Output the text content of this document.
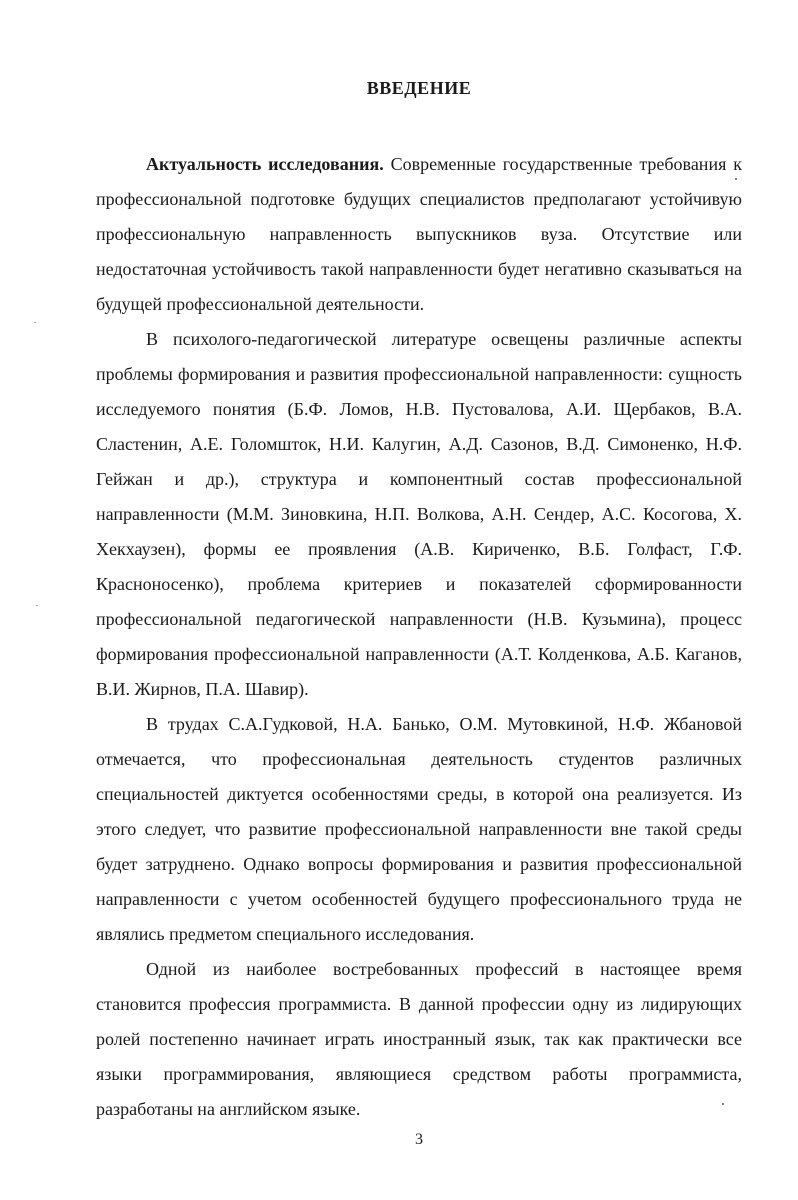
ВВЕДЕНИЕ

Актуальность исследования. Современные государственные требования к профессиональной подготовке будущих специалистов предполагают устойчивую профессиональную направленность выпускников вуза. Отсутствие или недостаточная устойчивость такой направленности будет негативно сказываться на будущей профессиональной деятельности.

В психолого-педагогической литературе освещены различные аспекты проблемы формирования и развития профессиональной направленности: сущность исследуемого понятия (Б.Ф. Ломов, Н.В. Пустовалова, А.И. Щербаков, В.А. Сластенин, А.Е. Голомшток, Н.И. Калугин, А.Д. Сазонов, В.Д. Симоненко, Н.Ф. Гейжан и др.), структура и компонентный состав профессиональной направленности (М.М. Зиновкина, Н.П. Волкова, А.Н. Сендер, А.С. Косогова, Х. Хекхаузен), формы ее проявления (А.В. Кириченко, В.Б. Голфаст, Г.Ф. Красноносенко), проблема критериев и показателей сформированности профессиональной педагогической направленности (Н.В. Кузьмина), процесс формирования профессиональной направленности (А.Т. Колденкова, А.Б. Каганов, В.И. Жирнов, П.А. Шавир).

В трудах С.А.Гудковой, Н.А. Банько, О.М. Мутовкиной, Н.Ф. Жбановой отмечается, что профессиональная деятельность студентов различных специальностей диктуется особенностями среды, в которой она реализуется. Из этого следует, что развитие профессиональной направленности вне такой среды будет затруднено. Однако вопросы формирования и развития профессиональной направленности с учетом особенностей будущего профессионального труда не являлись предметом специального исследования.

Одной из наиболее востребованных профессий в настоящее время становится профессия программиста. В данной профессии одну из лидирующих ролей постепенно начинает играть иностранный язык, так как практически все языки программирования, являющиеся средством работы программиста, разработаны на английском языке.

3
